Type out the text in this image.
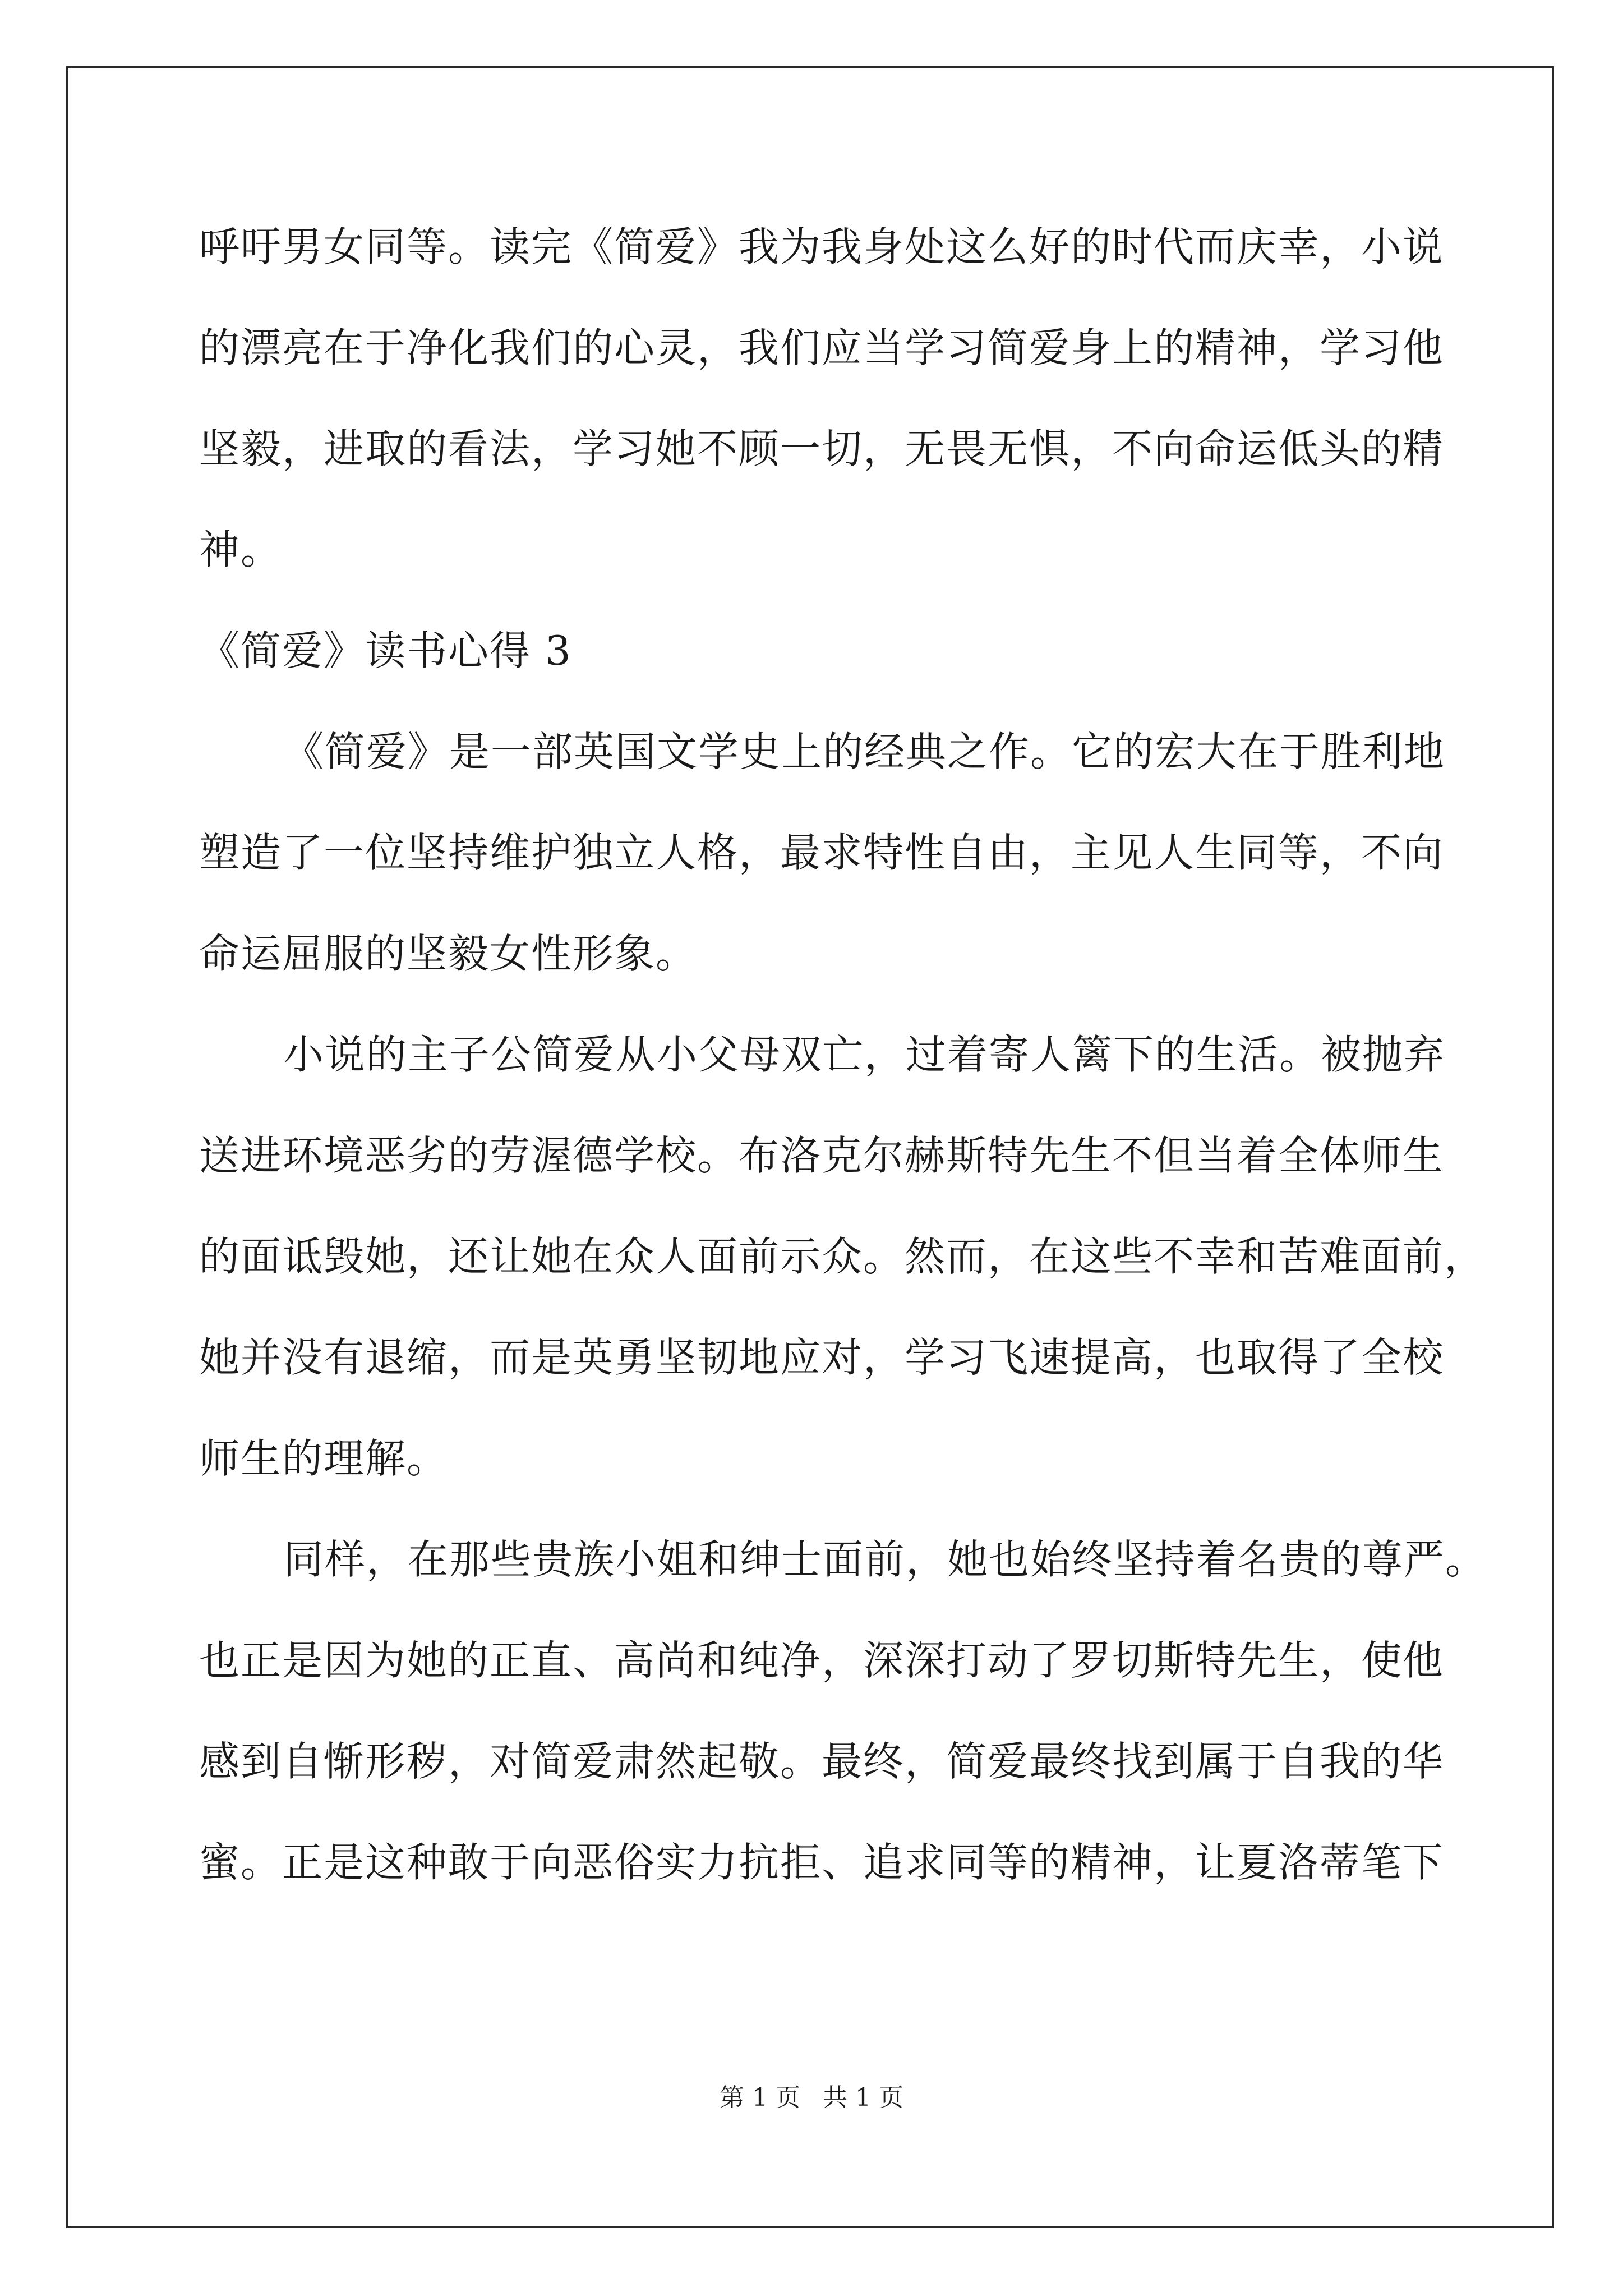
呼吁男女同等。读完《简爱》我为我身处这么好的时代而庆幸，小说
的漂亮在于净化我们的心灵，我们应当学习简爱身上的精神，学习他
坚毅，进取的看法，学习她不顾一切，无畏无惧，不向命运低头的精
神。
《简爱》读书心得 3
《简爱》是一部英国文学史上的经典之作。它的宏大在于胜利地
塑造了一位坚持维护独立人格，最求特性自由，主见人生同等，不向
命运屈服的坚毅女性形象。
小说的主子公简爱从小父母双亡，过着寄人篱下的生活。被抛弃
送进环境恶劣的劳渥德学校。布洛克尔赫斯特先生不但当着全体师生
的面诋毁她，还让她在众人面前示众。然而，在这些不幸和苦难面前，
她并没有退缩，而是英勇坚韧地应对，学习飞速提高，也取得了全校
师生的理解。
同样，在那些贵族小姐和绅士面前，她也始终坚持着名贵的尊严。
也正是因为她的正直、高尚和纯净，深深打动了罗切斯特先生，使他
感到自惭形秽，对简爱肃然起敬。最终，简爱最终找到属于自我的华
蜜。正是这种敢于向恶俗实力抗拒、追求同等的精神，让夏洛蒂笔下
第 1 页 共 1 页
